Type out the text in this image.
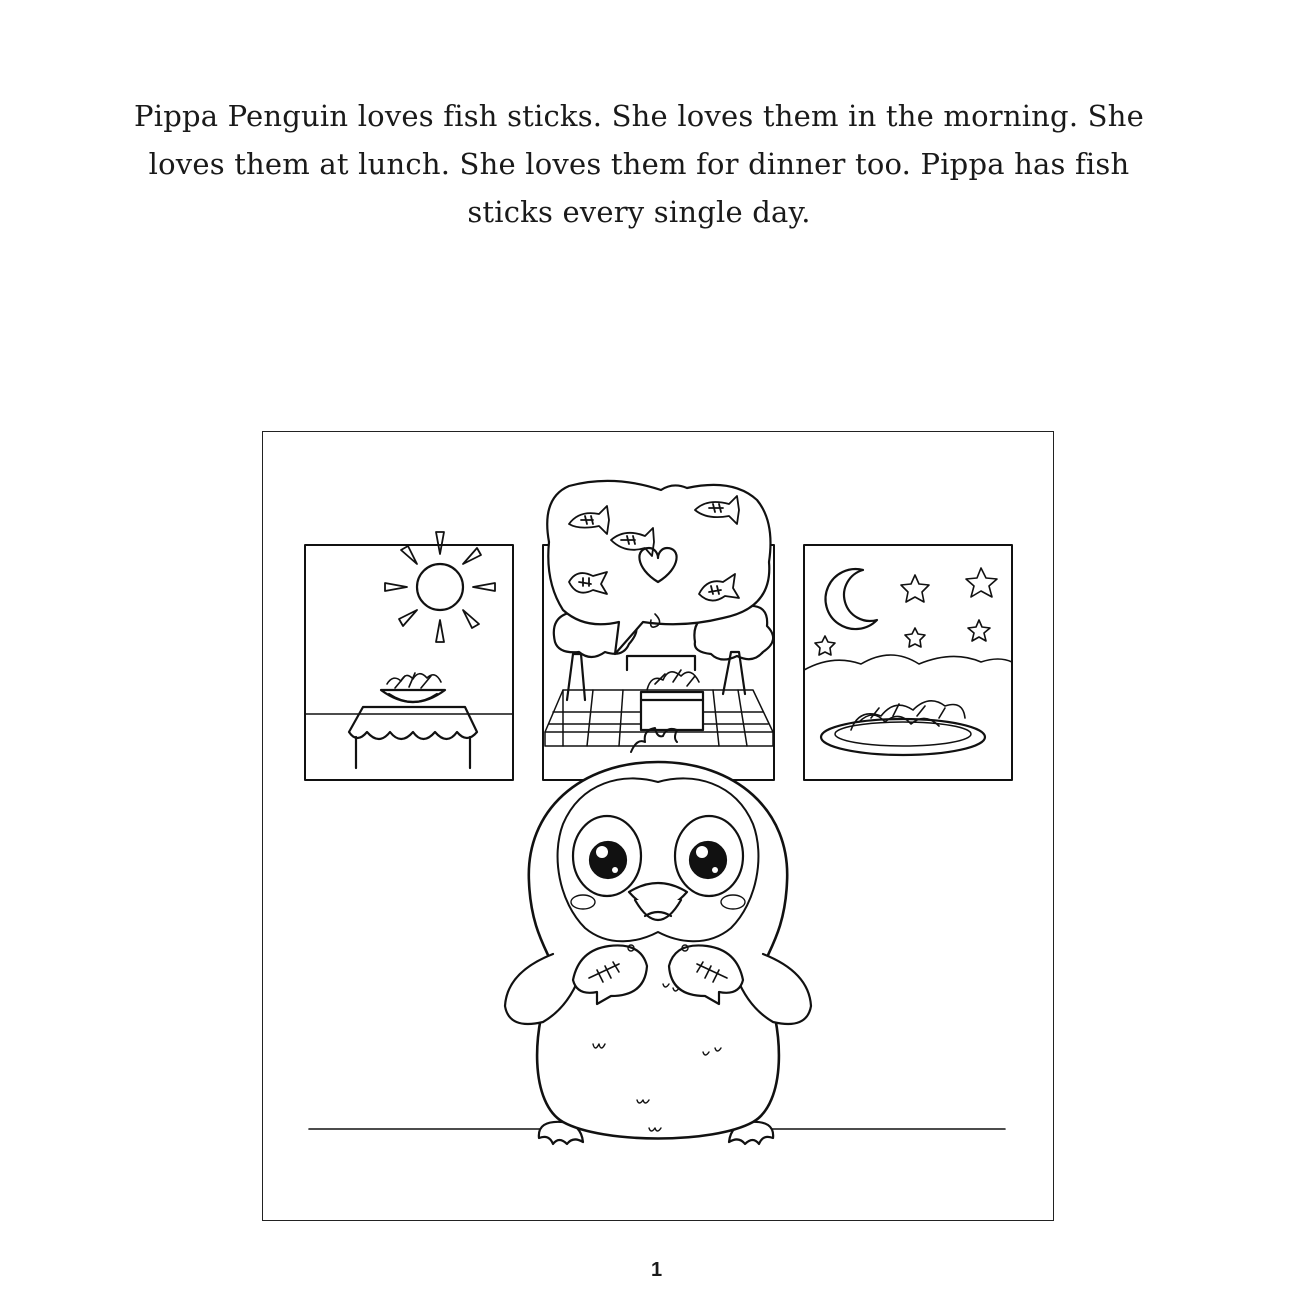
Pippa Penguin loves fish sticks. She loves them in the morning. She loves them at lunch. She loves them for dinner too. Pippa has fish sticks every single day.
1
